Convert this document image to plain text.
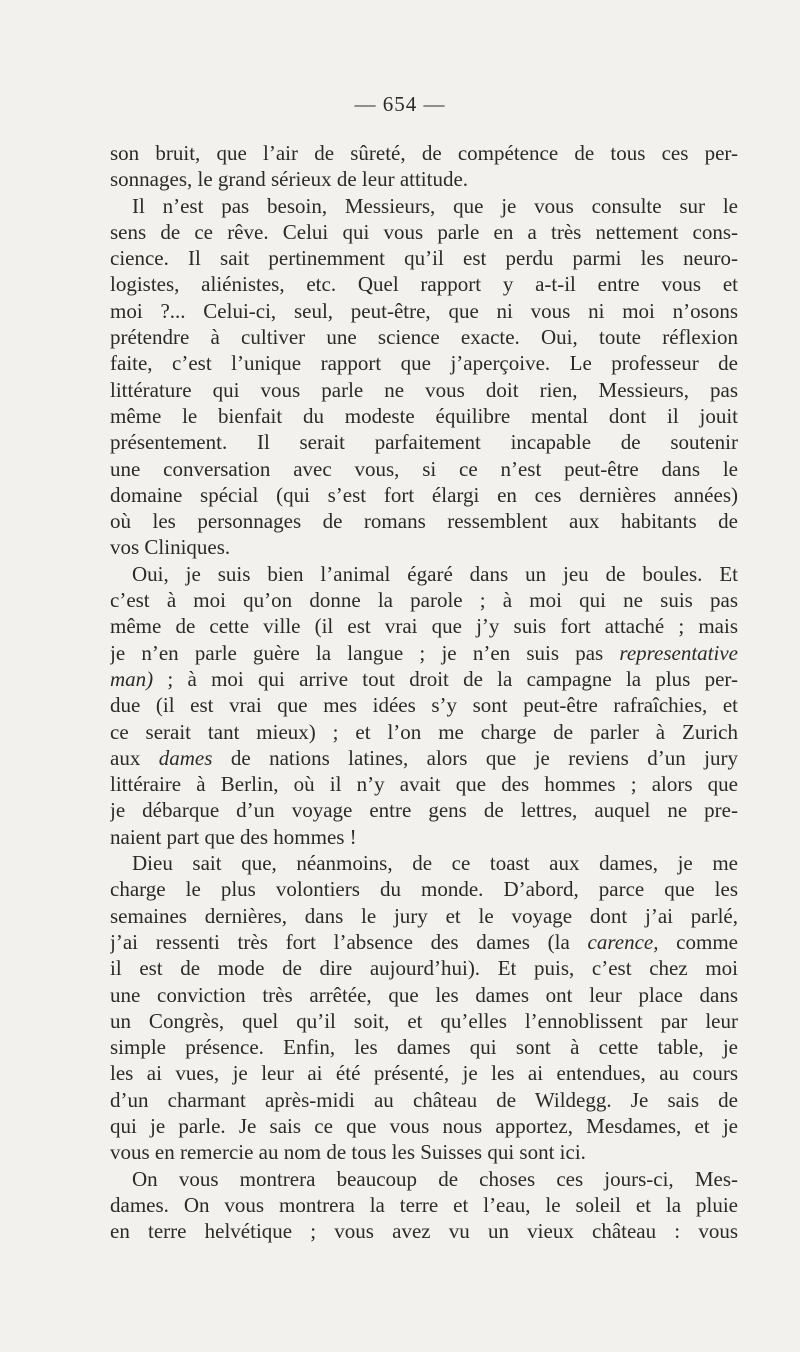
— 654 —
son bruit, que l’air de sûreté, de compétence de tous ces per-
sonnages, le grand sérieux de leur attitude.
Il n’est pas besoin, Messieurs, que je vous consulte sur le
sens de ce rêve. Celui qui vous parle en a très nettement cons-
cience. Il sait pertinemment qu’il est perdu parmi les neuro-
logistes, aliénistes, etc. Quel rapport y a-t-il entre vous et
moi ?... Celui-ci, seul, peut-être, que ni vous ni moi n’osons
prétendre à cultiver une science exacte. Oui, toute réflexion
faite, c’est l’unique rapport que j’aperçoive. Le professeur de
littérature qui vous parle ne vous doit rien, Messieurs, pas
même le bienfait du modeste équilibre mental dont il jouit
présentement. Il serait parfaitement incapable de soutenir
une conversation avec vous, si ce n’est peut-être dans le
domaine spécial (qui s’est fort élargi en ces dernières années)
où les personnages de romans ressemblent aux habitants de
vos Cliniques.
Oui, je suis bien l’animal égaré dans un jeu de boules. Et
c’est à moi qu’on donne la parole ; à moi qui ne suis pas
même de cette ville (il est vrai que j’y suis fort attaché ; mais
je n’en parle guère la langue ; je n’en suis pas representative
man) ; à moi qui arrive tout droit de la campagne la plus per-
due (il est vrai que mes idées s’y sont peut-être rafraîchies, et
ce serait tant mieux) ; et l’on me charge de parler à Zurich
aux dames de nations latines, alors que je reviens d’un jury
littéraire à Berlin, où il n’y avait que des hommes ; alors que
je débarque d’un voyage entre gens de lettres, auquel ne pre-
naient part que des hommes !
Dieu sait que, néanmoins, de ce toast aux dames, je me
charge le plus volontiers du monde. D’abord, parce que les
semaines dernières, dans le jury et le voyage dont j’ai parlé,
j’ai ressenti très fort l’absence des dames (la carence, comme
il est de mode de dire aujourd’hui). Et puis, c’est chez moi
une conviction très arrêtée, que les dames ont leur place dans
un Congrès, quel qu’il soit, et qu’elles l’ennoblissent par leur
simple présence. Enfin, les dames qui sont à cette table, je
les ai vues, je leur ai été présenté, je les ai entendues, au cours
d’un charmant après-midi au château de Wildegg. Je sais de
qui je parle. Je sais ce que vous nous apportez, Mesdames, et je
vous en remercie au nom de tous les Suisses qui sont ici.
On vous montrera beaucoup de choses ces jours-ci, Mes-
dames. On vous montrera la terre et l’eau, le soleil et la pluie
en terre helvétique ; vous avez vu un vieux château : vous
